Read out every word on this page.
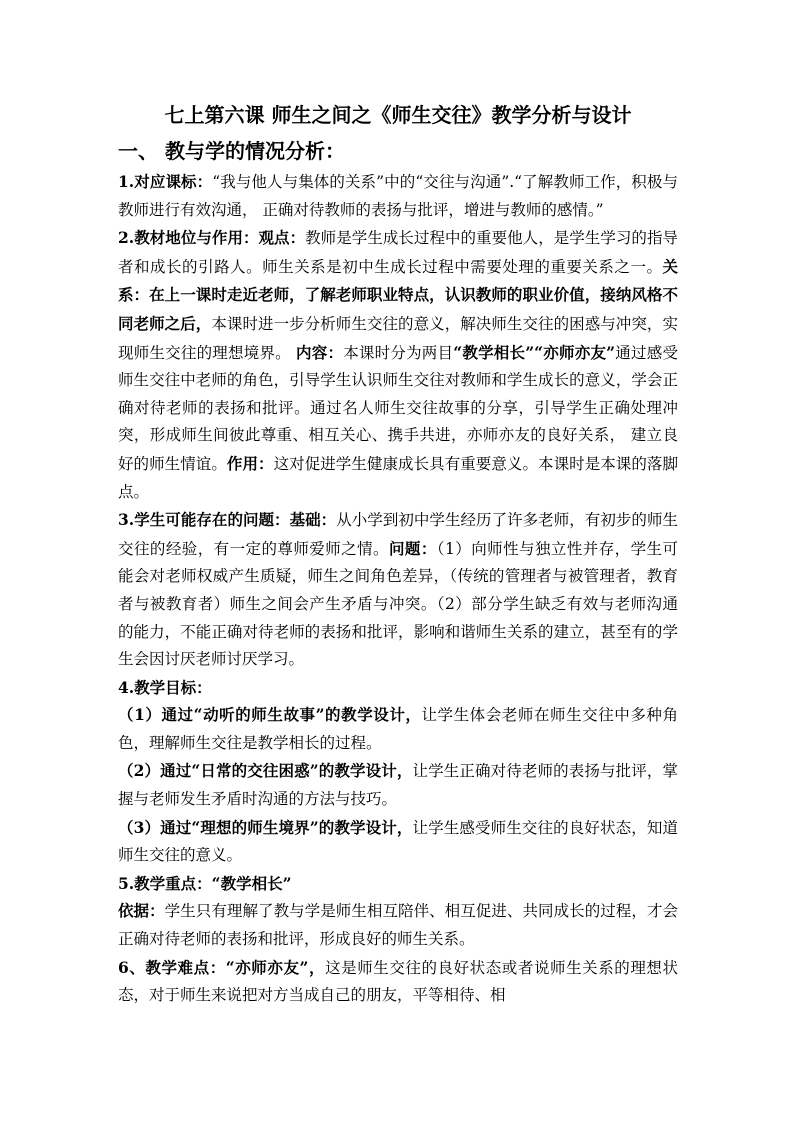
七上第六课 师生之间之《师生交往》教学分析与设计
一、 教与学的情况分析：

1.对应课标：“我与他人与集体的关系”中的“交往与沟通”.“了解教师工作，积极与教师进行有效沟通， 正确对待教师的表扬与批评，增进与教师的感情。”

2.教材地位与作用：观点：教师是学生成长过程中的重要他人，是学生学习的指导者和成长的引路人。师生关系是初中生成长过程中需要处理的重要关系之一。关系：在上一课时走近老师，了解老师职业特点，认识教师的职业价值，接纳风格不同老师之后，本课时进一步分析师生交往的意义，解决师生交往的困惑与冲突，实现师生交往的理想境界。 内容：本课时分为两目“教学相长”“亦师亦友”通过感受师生交往中老师的角色，引导学生认识师生交往对教师和学生成长的意义，学会正确对待老师的表扬和批评。通过名人师生交往故事的分享，引导学生正确处理冲突，形成师生间彼此尊重、相互关心、携手共进，亦师亦友的良好关系， 建立良好的师生情谊。作用：这对促进学生健康成长具有重要意义。本课时是本课的落脚点。

3.学生可能存在的问题：基础：从小学到初中学生经历了许多老师，有初步的师生交往的经验，有一定的尊师爱师之情。问题：（1）向师性与独立性并存，学生可能会对老师权威产生质疑，师生之间角色差异，（传统的管理者与被管理者，教育者与被教育者）师生之间会产生矛盾与冲突。（2）部分学生缺乏有效与老师沟通的能力，不能正确对待老师的表扬和批评，影响和谐师生关系的建立，甚至有的学生会因讨厌老师讨厌学习。

4.教学目标：

（1）通过“动听的师生故事”的教学设计，让学生体会老师在师生交往中多种角色，理解师生交往是教学相长的过程。

（2）通过“日常的交往困惑”的教学设计，让学生正确对待老师的表扬与批评，掌握与老师发生矛盾时沟通的方法与技巧。

（3）通过“理想的师生境界”的教学设计，让学生感受师生交往的良好状态，知道师生交往的意义。

5.教学重点：“教学相长”

依据：学生只有理解了教与学是师生相互陪伴、相互促进、共同成长的过程，才会正确对待老师的表扬和批评，形成良好的师生关系。

6、教学难点：“亦师亦友”，这是师生交往的良好状态或者说师生关系的理想状态，对于师生来说把对方当成自己的朋友，平等相待、相
